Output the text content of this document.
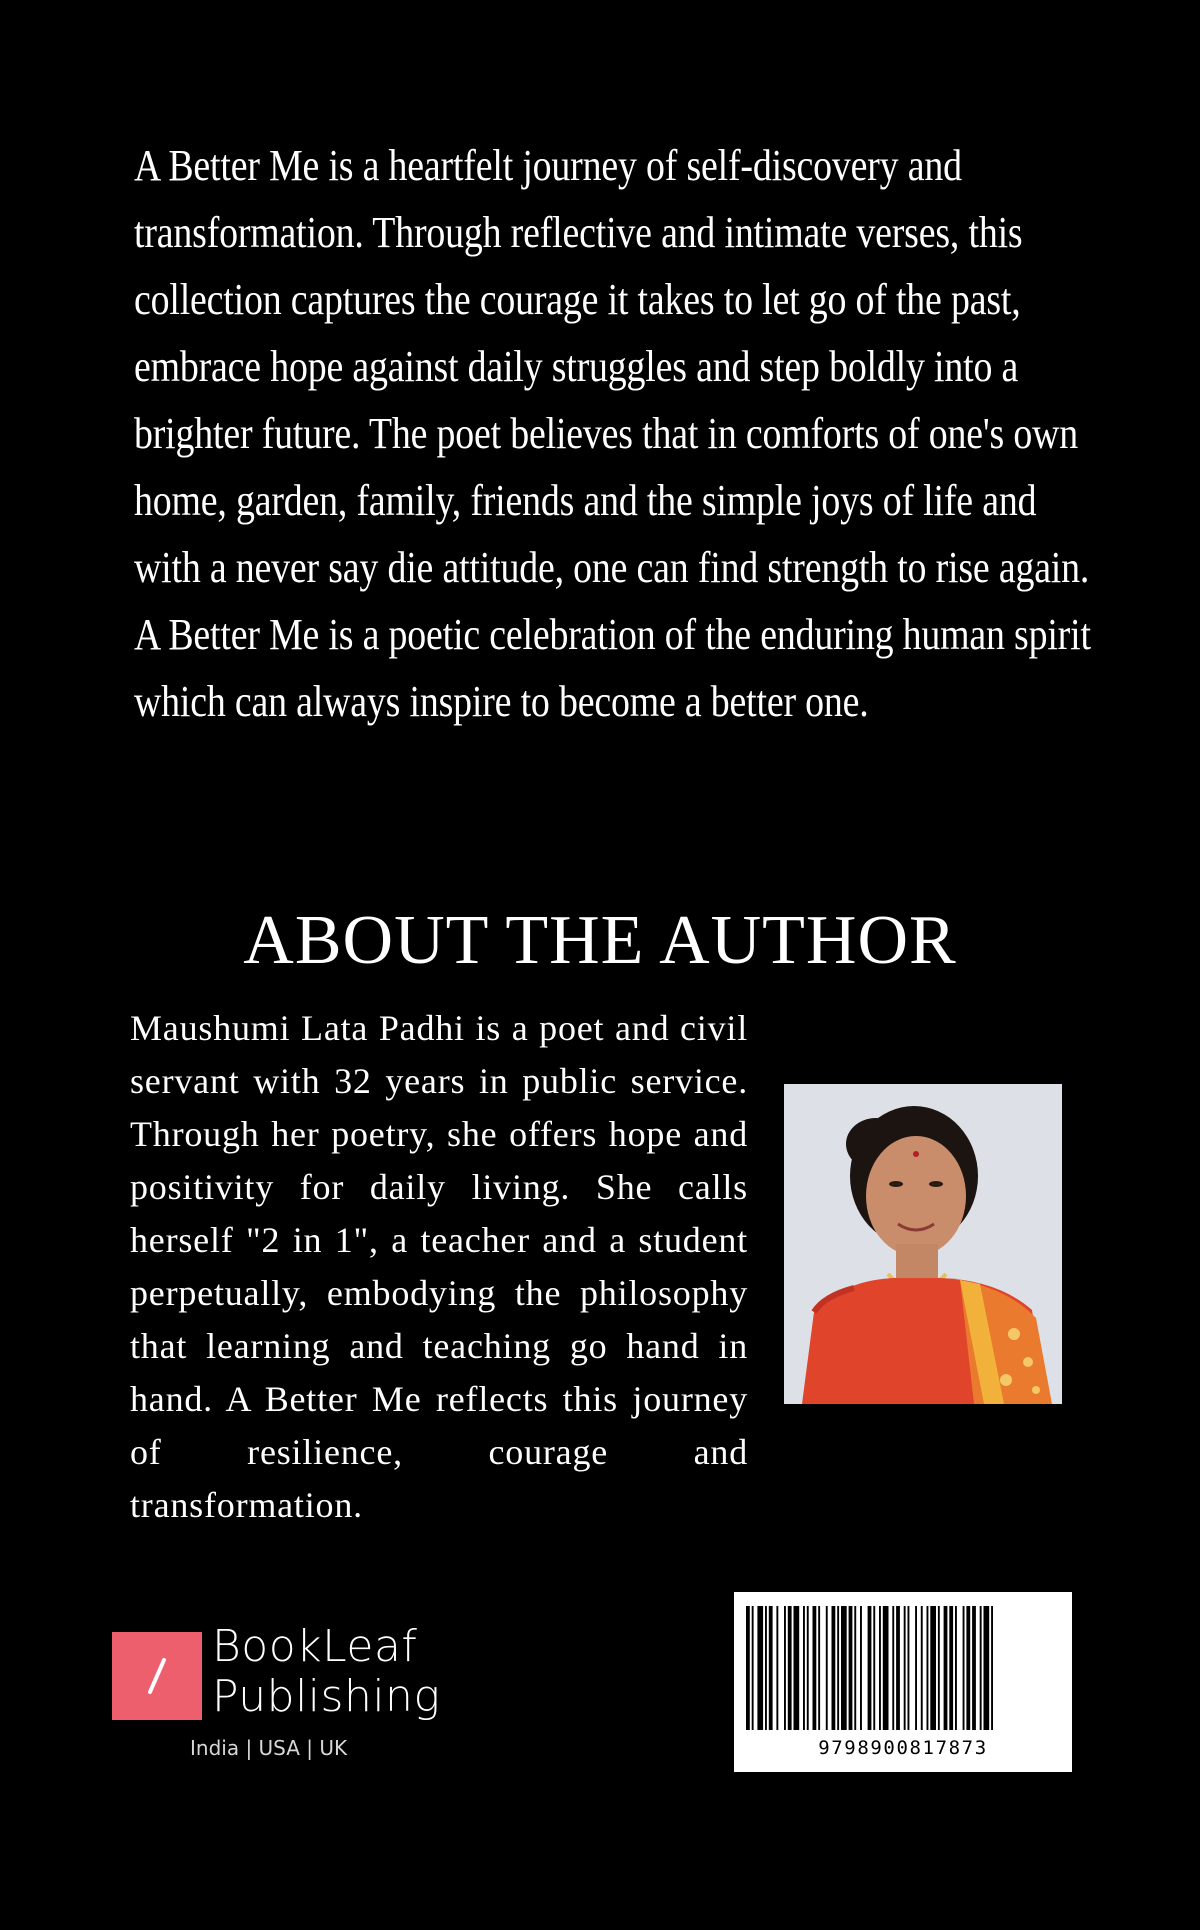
A Better Me is a heartfelt journey of self-discovery and transformation. Through reflective and intimate verses, this collection captures the courage it takes to let go of the past, embrace hope against daily struggles and step boldly into a brighter future. The poet believes that in comforts of one's own home, garden, family, friends and the simple joys of life and with a never say die attitude, one can find strength to rise again.

A Better Me is a poetic celebration of the enduring human spirit which can always inspire to become a better one.

ABOUT THE AUTHOR
Maushumi Lata Padhi is a poet and civil servant with 32 years in public service. Through her poetry, she offers hope and positivity for daily living. She calls herself "2 in 1", a teacher and a student perpetually, embodying the philosophy that learning and teaching go hand in hand. A Better Me reflects this journey of resilience, courage and transformation.
BookLeaf
Publishing
India | USA | UK	9798900817873
